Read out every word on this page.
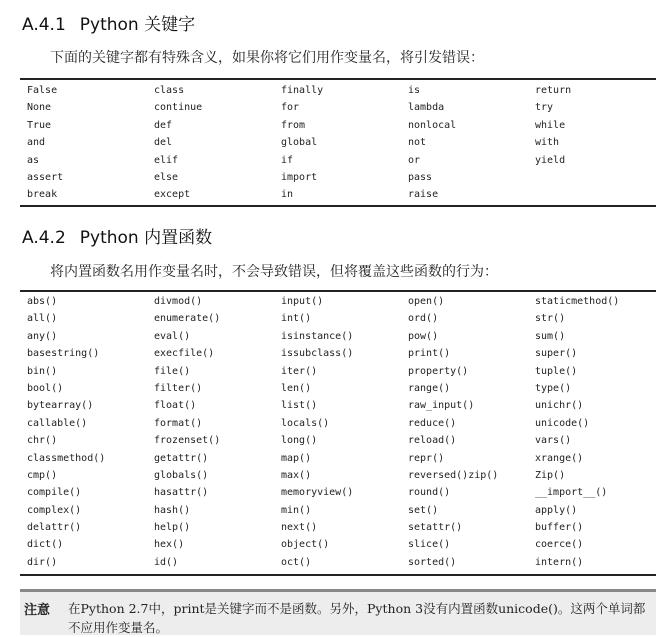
A.4.1 Python 关键字
下面的关键字都有特殊含义，如果你将它们用作变量名，将引发错误：
False	class	finally	is	return
None	continue	for	lambda	try
True	def	from	nonlocal	while
and	del	global	not	with
as	elif	if	or	yield
assert	else	import	pass
break	except	in	raise
A.4.2 Python 内置函数
将内置函数名用作变量名时，不会导致错误，但将覆盖这些函数的行为：
abs()	divmod()	input()	open()	staticmethod()
all()	enumerate()	int()	ord()	str()
any()	eval()	isinstance()	pow()	sum()
basestring()	execfile()	issubclass()	print()	super()
bin()	file()	iter()	property()	tuple()
bool()	filter()	len()	range()	type()
bytearray()	float()	list()	raw_input()	unichr()
callable()	format()	locals()	reduce()	unicode()
chr()	frozenset()	long()	reload()	vars()
classmethod()	getattr()	map()	repr()	xrange()
cmp()	globals()	max()	reversed()zip()	Zip()
compile()	hasattr()	memoryview()	round()	__import__()
complex()	hash()	min()	set()	apply()
delattr()	help()	next()	setattr()	buffer()
dict()	hex()	object()	slice()	coerce()
dir()	id()	oct()	sorted()	intern()
注意 在Python 2.7中，print是关键字而不是函数。另外，Python 3没有内置函数unicode()。这两个单词都不应用作变量名。
